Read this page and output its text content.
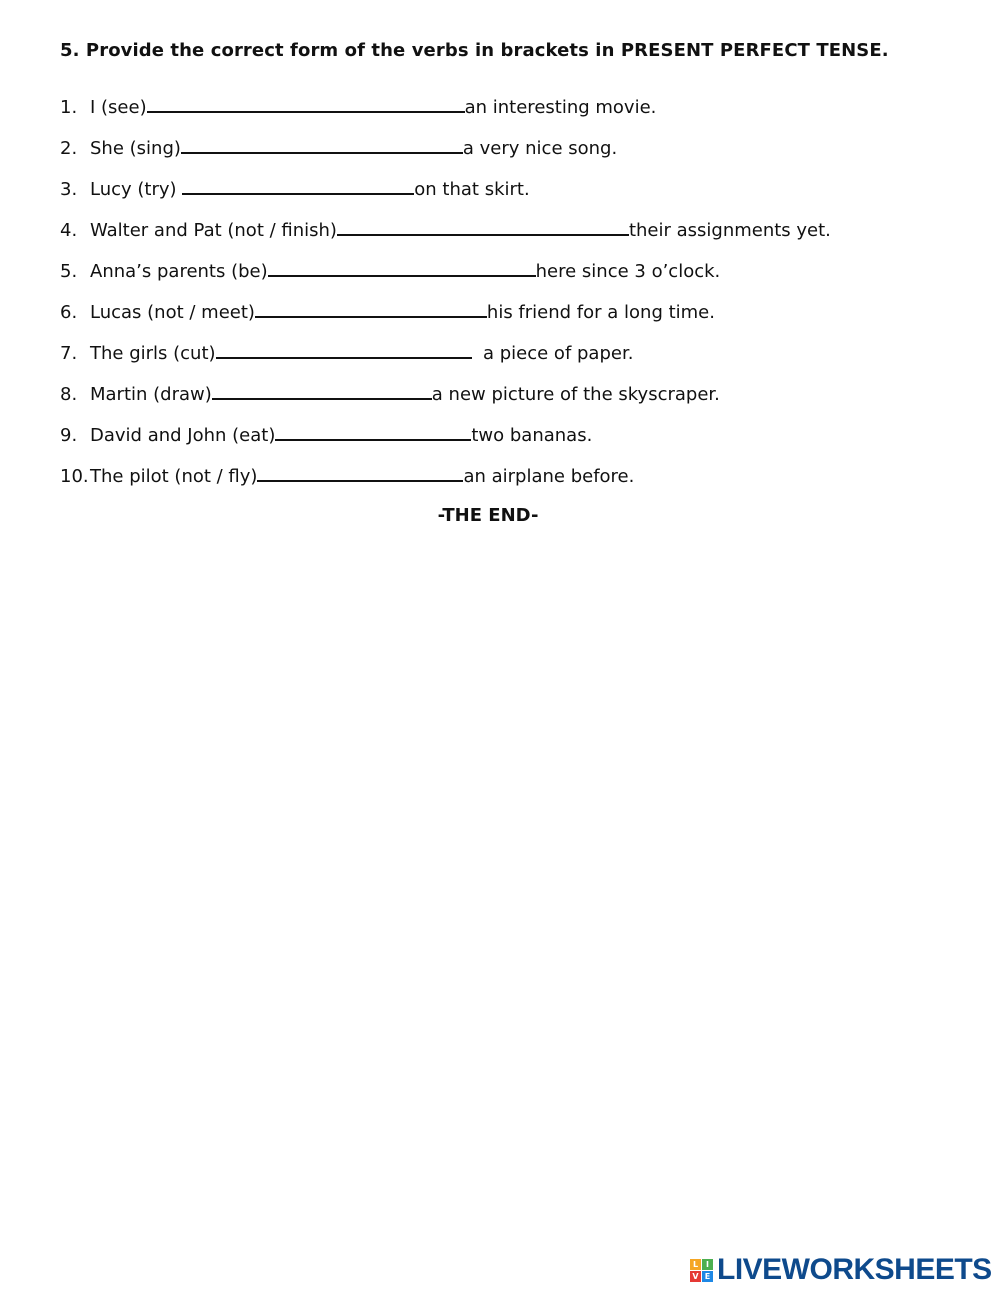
5. Provide the correct form of the verbs in brackets in PRESENT PERFECT TENSE.
1. I (see)	an interesting movie.
2. She (sing)	a very nice song.
3. Lucy (try)	on that skirt.
4. Walter and Pat (not / finish)	their assignments yet.
5. Anna’s parents (be)	here since 3 o’clock.
6. Lucas (not / meet)	his friend for a long time.
7. The girls (cut)	a piece of paper.
8. Martin (draw)	a new picture of the skyscraper.
9. David and John (eat)	two bananas.
10. The pilot (not / fly)	an airplane before.
-THE END-
L I
V E LIVEWORKSHEETS
